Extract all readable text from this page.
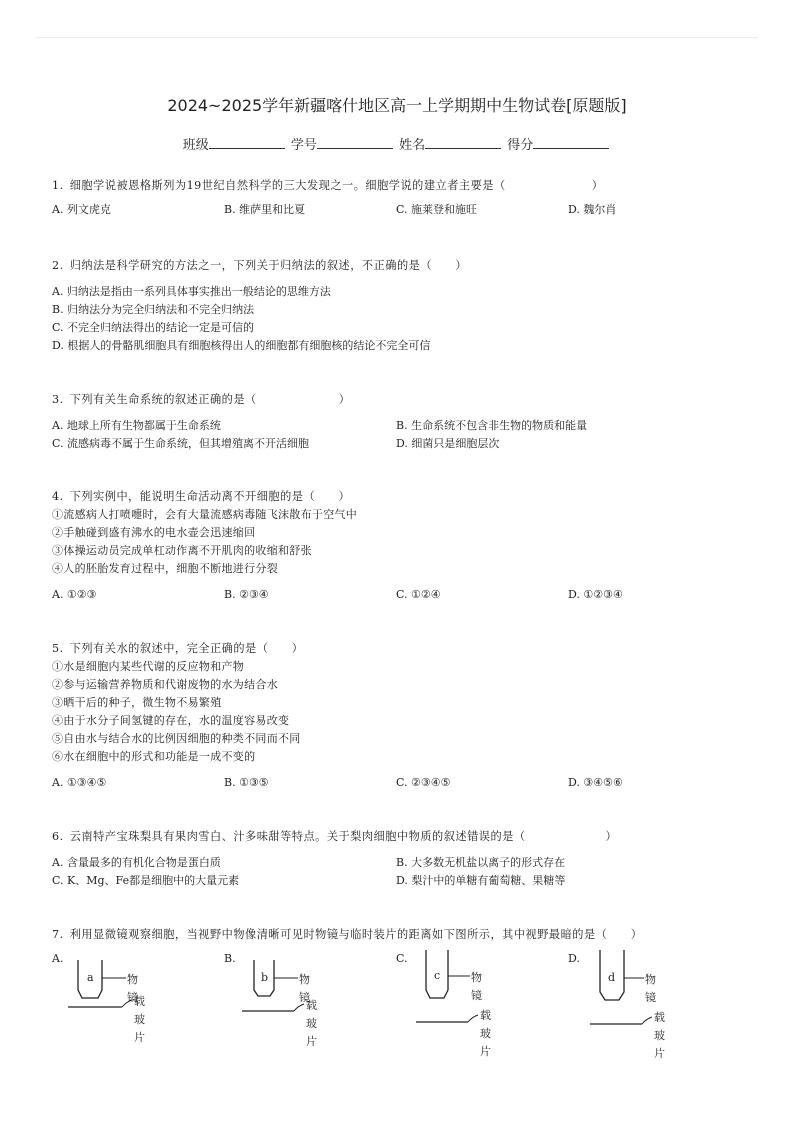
2024~2025学年新疆喀什地区高一上学期期中生物试卷[原题版]
班级	学号	姓名	得分
1. 细胞学说被恩格斯列为19世纪自然科学的三大发现之一。细胞学说的建立者主要是（	）
A. 列文虎克	B. 维萨里和比夏	C. 施莱登和施旺	D. 魏尔肖
2. 归纳法是科学研究的方法之一，下列关于归纳法的叙述，不正确的是（　　）
A. 归纳法是指由一系列具体事实推出一般结论的思维方法
B. 归纳法分为完全归纳法和不完全归纳法
C. 不完全归纳法得出的结论一定是可信的
D. 根据人的骨骼肌细胞具有细胞核得出人的细胞都有细胞核的结论不完全可信
3. 下列有关生命系统的叙述正确的是（	）
A. 地球上所有生物都属于生命系统	B. 生命系统不包含非生物的物质和能量
C. 流感病毒不属于生命系统，但其增殖离不开活细胞	D. 细菌只是细胞层次
4. 下列实例中，能说明生命活动离不开细胞的是（　　）
①流感病人打喷嚏时，会有大量流感病毒随飞沫散布于空气中
②手触碰到盛有沸水的电水壶会迅速缩回
③体操运动员完成单杠动作离不开肌肉的收缩和舒张
④人的胚胎发育过程中，细胞不断地进行分裂
A. ①②③	B. ②③④	C. ①②④	D. ①②③④
5. 下列有关水的叙述中，完全正确的是（　　）
①水是细胞内某些代谢的反应物和产物
②参与运输营养物质和代谢废物的水为结合水
③晒干后的种子，微生物不易繁殖
④由于水分子间氢键的存在，水的温度容易改变
⑤自由水与结合水的比例因细胞的种类不同而不同
⑥水在细胞中的形式和功能是一成不变的
A. ①③④⑤	B. ①③⑤	C. ②③④⑤	D. ③④⑤⑥
6. 云南特产宝珠梨具有果肉雪白、汁多味甜等特点。关于梨肉细胞中物质的叙述错误的是（	）
A. 含量最多的有机化合物是蛋白质	B. 大多数无机盐以离子的形式存在
C. K、Mg、Fe都是细胞中的大量元素	D. 梨汁中的单糖有葡萄糖、果糖等
7. 利用显微镜观察细胞，当视野中物像清晰可见时物镜与临时装片的距离如下图所示，其中视野最暗的是（　　）
A.
a	物镜
载玻片
B.
b	物镜
载玻片
C.
c	物镜
载玻片
D.
d	物镜
载玻片
